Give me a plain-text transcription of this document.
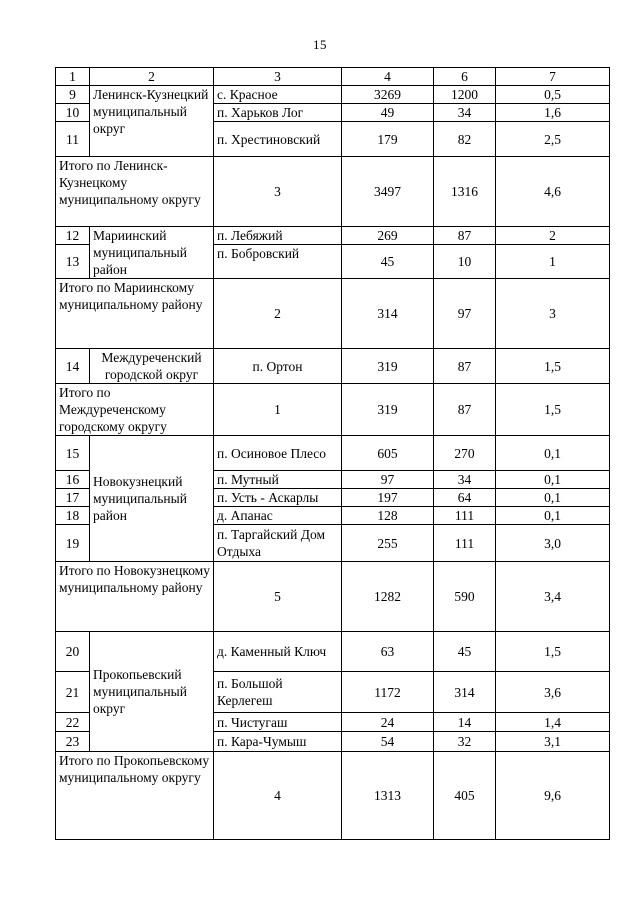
15
1	2	3	4	6	7
9	Ленинск-Кузнецкий муниципальный округ	с. Красное	3269	1200	0,5
10		п. Харьков Лог	49	34	1,6
11		п. Хрестиновский	179	82	2,5
Итого по Ленинск-Кузнецкому муниципальному округу		3	3497	1316	4,6
12	Мариинский муниципальный район	п. Лебяжий	269	87	2
13		п. Бобровский	45	10	1
Итого по Мариинскому муниципальному району		2	314	97	3
14	Междуреченский городской округ	п. Ортон	319	87	1,5
Итого по Междуреченскому городскому округу		1	319	87	1,5
15	Новокузнецкий муниципальный район	п. Осиновое Плесо	605	270	0,1
16		п. Мутный	97	34	0,1
17		п. Усть - Аскарлы	197	64	0,1
18		д. Апанас	128	111	0,1
19		п. Таргайский Дом Отдыха	255	111	3,0
Итого по Новокузнецкому муниципальному району		5	1282	590	3,4
20	Прокопьевский муниципальный округ	д. Каменный Ключ	63	45	1,5
21		п. Большой Керлегеш	1172	314	3,6
22		п. Чистугаш	24	14	1,4
23		п. Кара-Чумыш	54	32	3,1
Итого по Прокопьевскому муниципальному округу		4	1313	405	9,6
